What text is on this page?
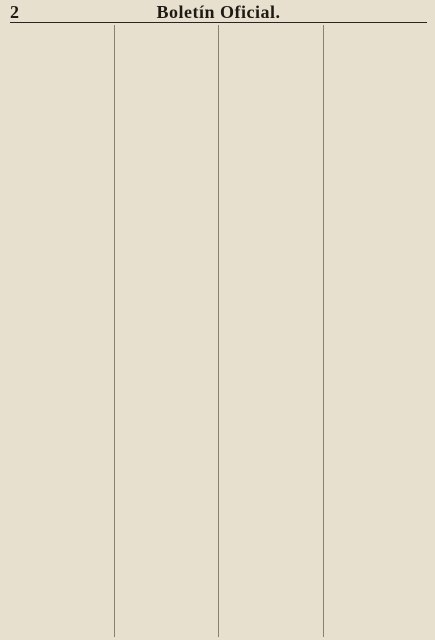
2	Boletín Oficial.
